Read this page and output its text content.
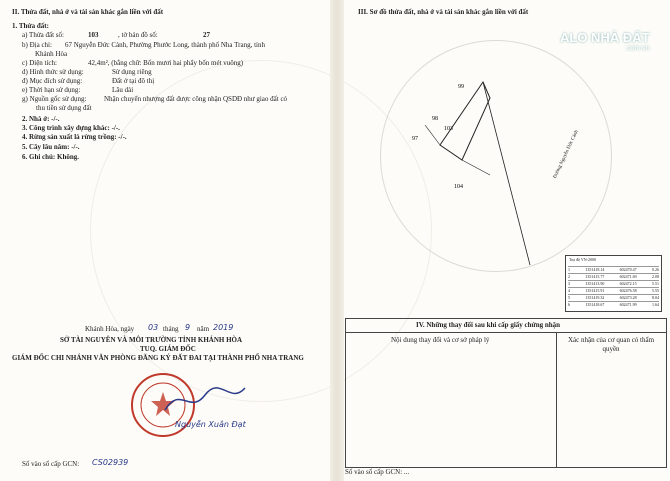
II. Thửa đất, nhà ở và tài sản khác gắn liền với đất
1. Thửa đất:
a) Thửa đất số:	103	, tờ bản đồ số:	27
b) Địa chỉ: 67 Nguyễn Đức Cảnh, Phường Phước Long, thành phố Nha Trang, tỉnh
Khánh Hòa
c) Diện tích:	42,4m², (bằng chữ: Bốn mươi hai phẩy bốn mét vuông)
d) Hình thức sử dụng:	Sử dụng riêng
đ) Mục đích sử dụng:	Đất ở tại đô thị
e) Thời hạn sử dụng:	Lâu dài
g) Nguồn gốc sử dụng:	Nhận chuyển nhượng đất được công nhận QSDĐ như giao đất có
thu tiền sử dụng đất
2. Nhà ở: -/-.
3. Công trình xây dựng khác: -/-.
4. Rừng sản xuất là rừng trồng: -/-.
5. Cây lâu năm: -/-.
6. Ghi chú: Không.
Khánh Hòa, ngày 03 tháng 9 năm 2019
SỞ TÀI NGUYÊN VÀ MÔI TRƯỜNG TỈNH KHÁNH HÒA
TUQ. GIÁM ĐỐC
GIÁM ĐỐC CHI NHÁNH VĂN PHÒNG ĐĂNG KÝ ĐẤT ĐAI TẠI THÀNH PHỐ NHA TRANG
Nguyễn Xuân Đạt
Số vào sổ cấp GCN: CS02939
III. Sơ đồ thửa đất, nhà ở và tài sản khác gắn liền với đất
103
99
98
97
104
Đường Nguyễn Đức Cảnh
Toạ độ VN-2000
1	1351418.14	602470.47	0.26
2	1351415.77	602471.69	2.08
3	1351413.90	602472.15	5.51
4	1351415.91	602476.58	5.55
5	1351419.32	602473.28	8.04
6	1351418.67	602471.99	1.64
IV. Những thay đổi sau khi cấp giấy chứng nhận
Nội dung thay đổi và cơ sở pháp lý	Xác nhận của cơ quan có thẩm quyền
Số vào sổ cấp GCN: ...
ALO NHÀ ĐẤT
.com.vn
